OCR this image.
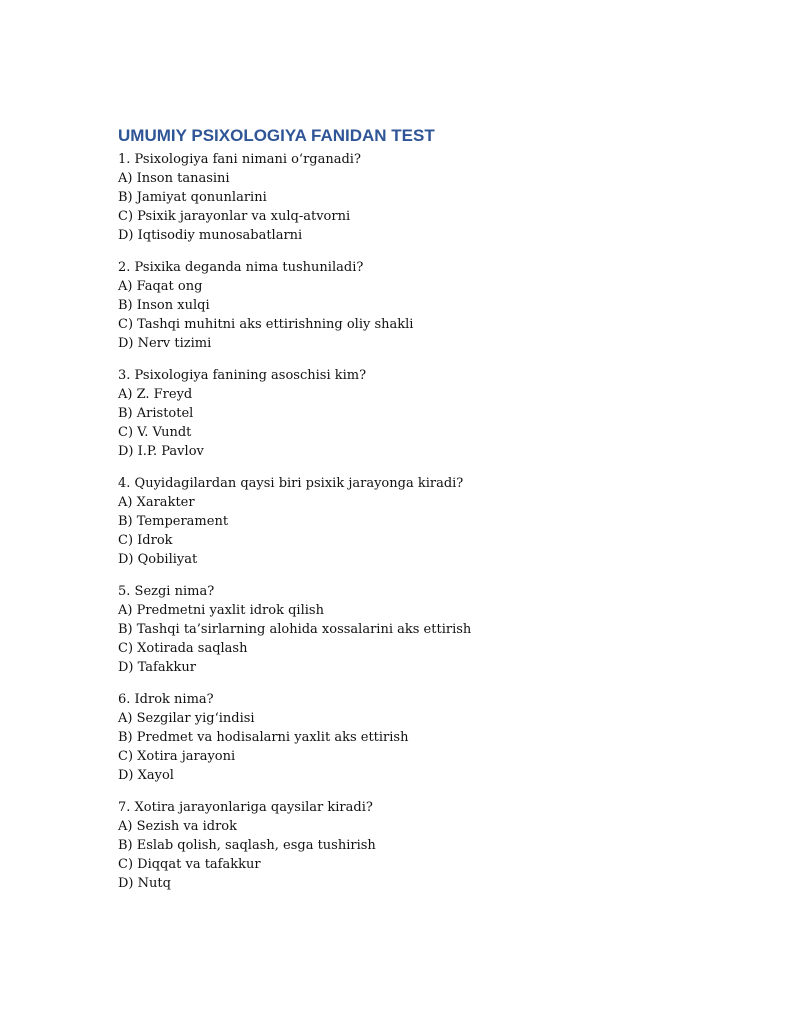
UMUMIY PSIXOLOGIYA FANIDAN TEST
1. Psixologiya fani nimani o‘rganadi?
A) Inson tanasini
B) Jamiyat qonunlarini
C) Psixik jarayonlar va xulq-atvorni
D) Iqtisodiy munosabatlarni
2. Psixika deganda nima tushuniladi?
A) Faqat ong
B) Inson xulqi
C) Tashqi muhitni aks ettirishning oliy shakli
D) Nerv tizimi
3. Psixologiya fanining asoschisi kim?
A) Z. Freyd
B) Aristotel
C) V. Vundt
D) I.P. Pavlov
4. Quyidagilardan qaysi biri psixik jarayonga kiradi?
A) Xarakter
B) Temperament
C) Idrok
D) Qobiliyat
5. Sezgi nima?
A) Predmetni yaxlit idrok qilish
B) Tashqi ta’sirlarning alohida xossalarini aks ettirish
C) Xotirada saqlash
D) Tafakkur
6. Idrok nima?
A) Sezgilar yig‘indisi
B) Predmet va hodisalarni yaxlit aks ettirish
C) Xotira jarayoni
D) Xayol
7. Xotira jarayonlariga qaysilar kiradi?
A) Sezish va idrok
B) Eslab qolish, saqlash, esga tushirish
C) Diqqat va tafakkur
D) Nutq
